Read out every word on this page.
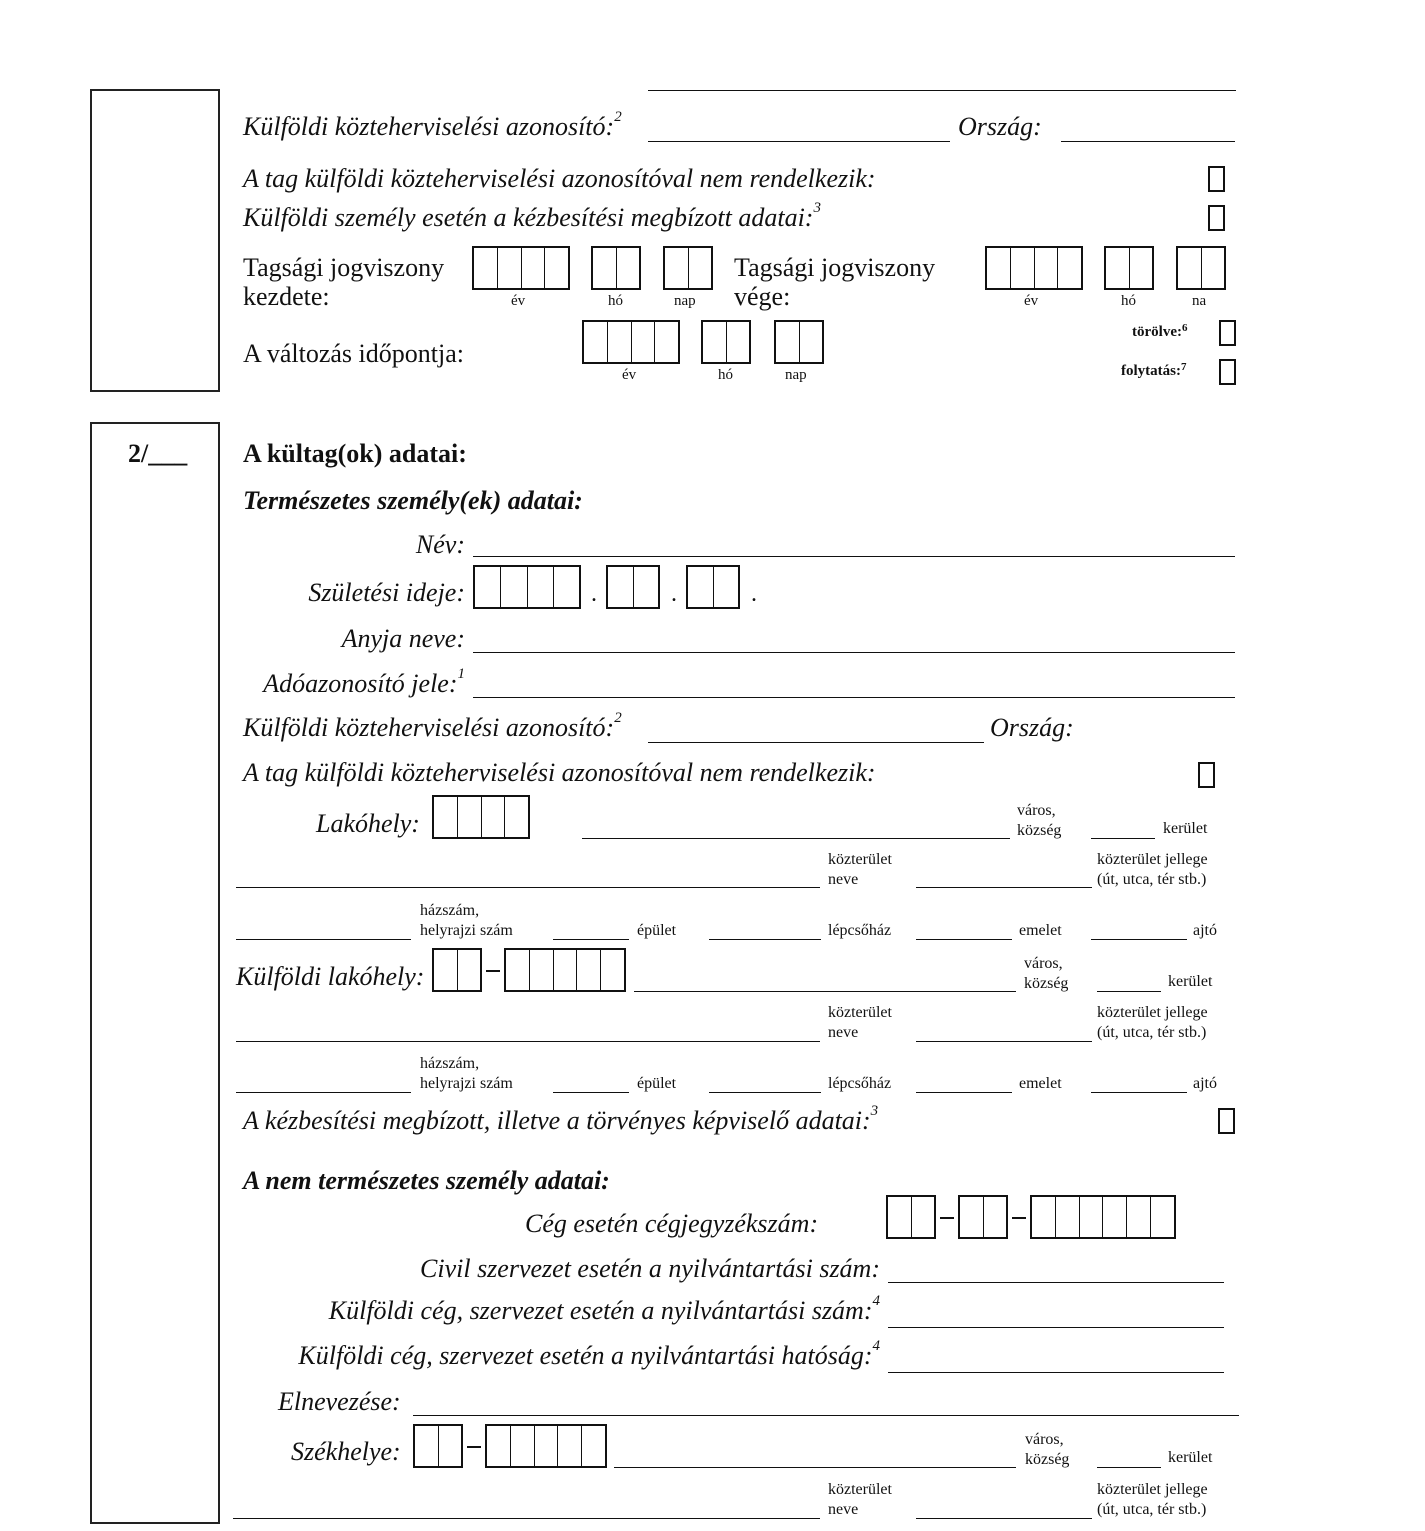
Külföldi közteherviselési azonosító:$^2$	Ország:
A tag külföldi közteherviselési azonosítóval nem rendelkezik:
Külföldi személy esetén a kézbesítési megbízott adatai:$^3$
Tagsági jogviszony
kezdete:	év	hó	nap
Tagsági jogviszony
vége:	év	hó	na
A változás időpontja:
év	hó	nap
törölve:$^6$
folytatás:$^7$
2/___ A kültag(ok) adatai:
Természetes személy(ek) adatai:
Név:
Születési ideje:	.	.	.
Anyja neve:
Adóazonosító jele:$^1$
Külföldi közteherviselési azonosító:$^2$	Ország:
A tag külföldi közteherviselési azonosítóval nem rendelkezik:
Lakóhely:	város,
község	kerület
közterület
neve
közterület jellege
(út, utca, tér stb.)
házszám,
helyrajzi szám	épület	lépcsőház	emelet	ajtó
Külföldi lakóhely:	város,
község	kerület
közterület
neve
közterület jellege
(út, utca, tér stb.)
házszám,
helyrajzi szám	épület	lépcsőház	emelet	ajtó
A kézbesítési megbízott, illetve a törvényes képviselő adatai:$^3$
A nem természetes személy adatai:
Cég esetén cégjegyzékszám:
Civil szervezet esetén a nyilvántartási szám:
Külföldi cég, szervezet esetén a nyilvántartási szám:$^4$
Külföldi cég, szervezet esetén a nyilvántartási hatóság:$^4$
Elnevezése:
Székhelye:	város,
község	kerület
közterület
neve
közterület jellege
(út, utca, tér stb.)
